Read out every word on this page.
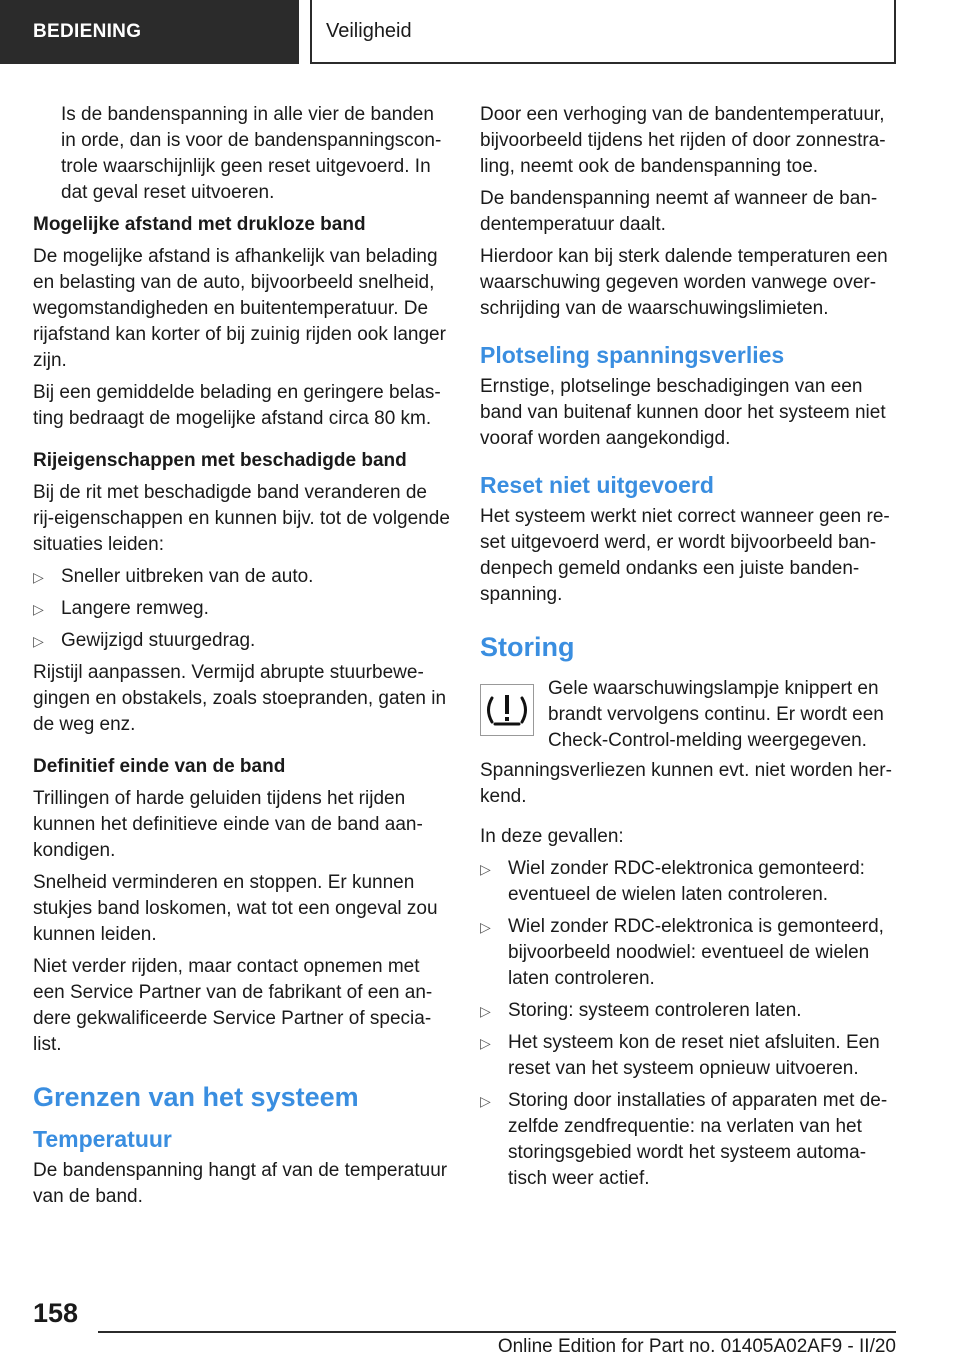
BEDIENING	Veiligheid

Is de bandenspanning in alle vier de banden in orde, dan is voor de bandenspanningscontrole waarschijnlijk geen reset uitgevoerd. In dat geval reset uitvoeren.

Mogelijke afstand met drukloze band

De mogelijke afstand is afhankelijk van belading en belasting van de auto, bijvoorbeeld snelheid, wegomstandigheden en buitentemperatuur. De rijafstand kan korter of bij zuinig rijden ook langer zijn.

Bij een gemiddelde belading en geringere belasting bedraagt de mogelijke afstand circa 80 km.

Rijeigenschappen met beschadigde band

Bij de rit met beschadigde band veranderen de rij-eigenschappen en kunnen bijv. tot de volgende situaties leiden:

▷ Sneller uitbreken van de auto.
▷ Langere remweg.
▷ Gewijzigd stuurgedrag.

Rijstijl aanpassen. Vermijd abrupte stuurbewegingen en obstakels, zoals stoepranden, gaten in de weg enz.

Definitief einde van de band

Trillingen of harde geluiden tijdens het rijden kunnen het definitieve einde van de band aankondigen.

Snelheid verminderen en stoppen. Er kunnen stukjes band loskomen, wat tot een ongeval zou kunnen leiden.

Niet verder rijden, maar contact opnemen met een Service Partner van de fabrikant of een andere gekwalificeerde Service Partner of specialist.

Grenzen van het systeem
Temperatuur

De bandenspanning hangt af van de temperatuur van de band.

Door een verhoging van de bandentemperatuur, bijvoorbeeld tijdens het rijden of door zonnestraling, neemt ook de bandenspanning toe.

De bandenspanning neemt af wanneer de bandentemperatuur daalt.

Hierdoor kan bij sterk dalende temperaturen een waarschuwing gegeven worden vanwege overschrijding van de waarschuwingslimieten.

Plotseling spanningsverlies

Ernstige, plotselinge beschadigingen van een band van buitenaf kunnen door het systeem niet vooraf worden aangekondigd.

Reset niet uitgevoerd

Het systeem werkt niet correct wanneer geen reset uitgevoerd werd, er wordt bijvoorbeeld bandenpech gemeld ondanks een juiste bandenspanning.

Storing
Gele waarschuwingslampje knippert en brandt vervolgens continu. Er wordt een Check-Control-melding weergegeven.

Spanningsverliezen kunnen evt. niet worden herkend.

In deze gevallen:

▷ Wiel zonder RDC-elektronica gemonteerd: eventueel de wielen laten controleren.
▷ Wiel zonder RDC-elektronica is gemonteerd, bijvoorbeeld noodwiel: eventueel de wielen laten controleren.
▷ Storing: systeem controleren laten.
▷ Het systeem kon de reset niet afsluiten. Een reset van het systeem opnieuw uitvoeren.
▷ Storing door installaties of apparaten met dezelfde zendfrequentie: na verlaten van het storingsgebied wordt het systeem automatisch weer actief.
158
Online Edition for Part no. 01405A02AF9 - II/20
